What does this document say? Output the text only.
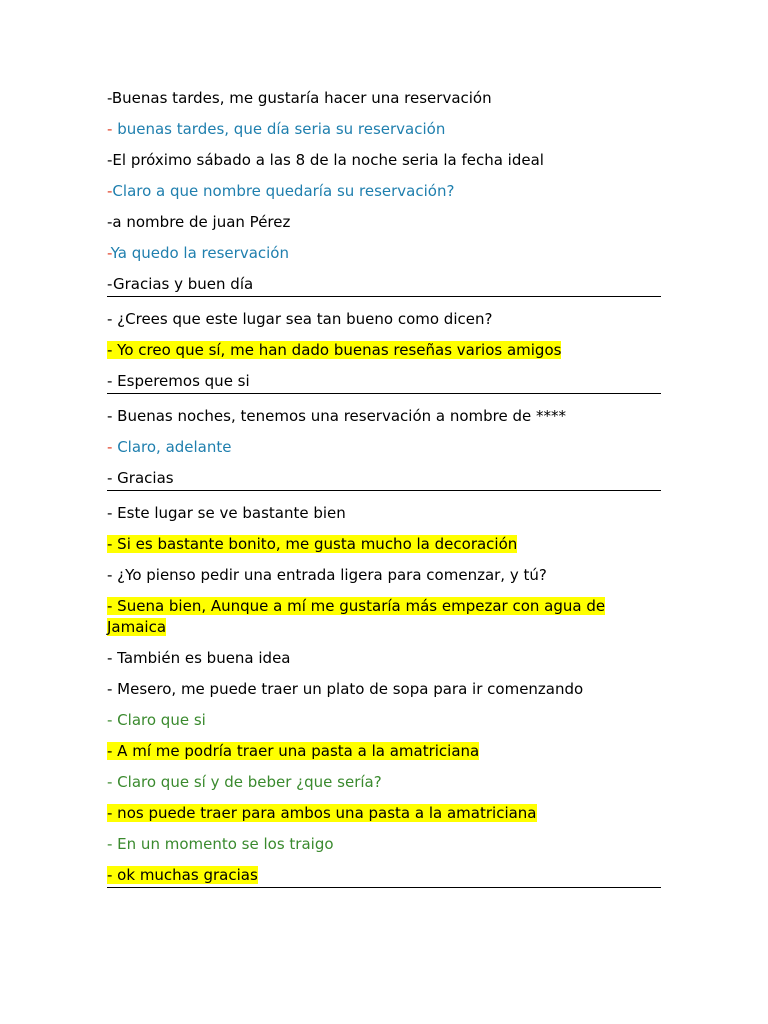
-Buenas tardes, me gustaría hacer una reservación

- buenas tardes, que día seria su reservación

-El próximo sábado a las 8 de la noche seria la fecha ideal

-Claro a que nombre quedaría su reservación?

-a nombre de juan Pérez

-Ya quedo la reservación

-Gracias y buen día

- ¿Crees que este lugar sea tan bueno como dicen?

- Yo creo que sí, me han dado buenas reseñas varios amigos

- Esperemos que si

- Buenas noches, tenemos una reservación a nombre de ****

- Claro, adelante

- Gracias

- Este lugar se ve bastante bien

- Si es bastante bonito, me gusta mucho la decoración

- ¿Yo pienso pedir una entrada ligera para comenzar, y tú?

- Suena bien, Aunque a mí me gustaría más empezar con agua de
Jamaica

- También es buena idea

- Mesero, me puede traer un plato de sopa para ir comenzando

- Claro que si

- A mí me podría traer una pasta a la amatriciana

- Claro que sí y de beber ¿que sería?

- nos puede traer para ambos una pasta a la amatriciana

- En un momento se los traigo

- ok muchas gracias
